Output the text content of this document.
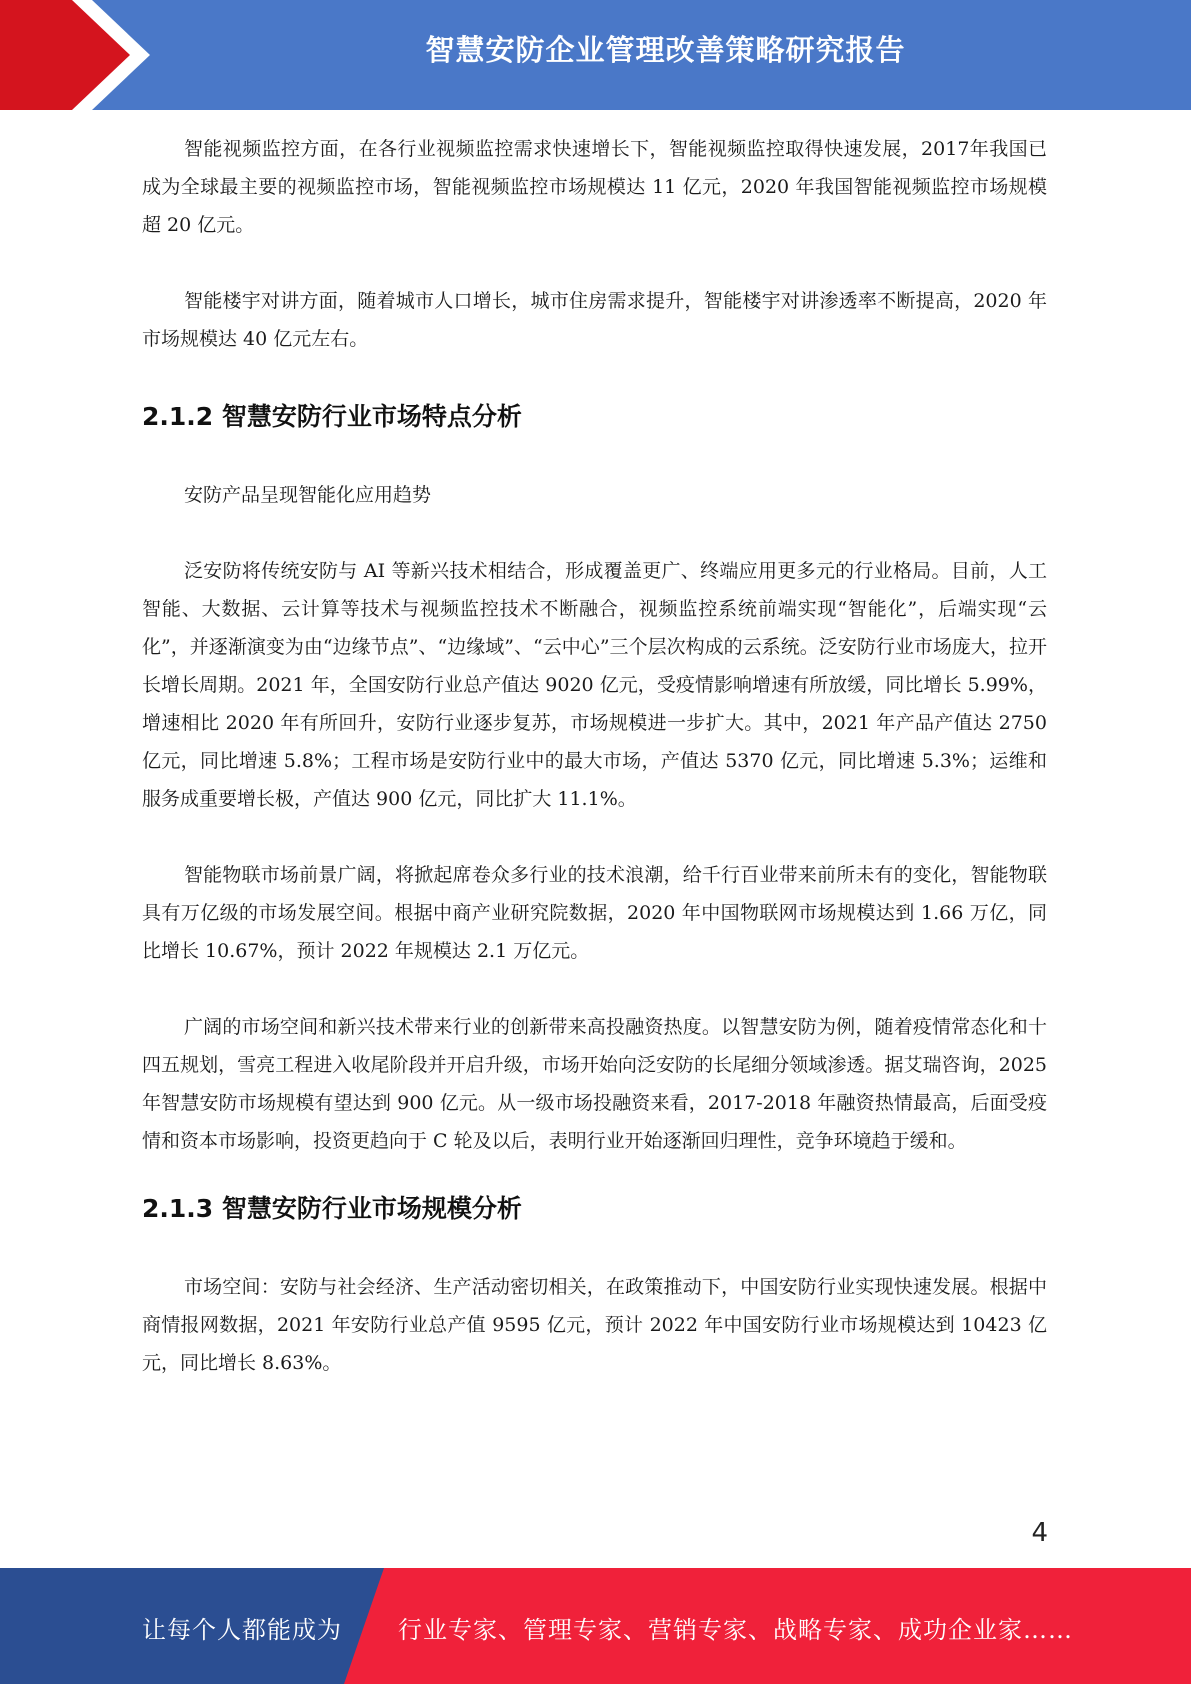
智慧安防企业管理改善策略研究报告

智能视频监控方面，在各行业视频监控需求快速增长下，智能视频监控取得快速发展，2017年我国已成为全球最主要的视频监控市场，智能视频监控市场规模达 11 亿元，2020 年我国智能视频监控市场规模超 20 亿元。

智能楼宇对讲方面，随着城市人口增长，城市住房需求提升，智能楼宇对讲渗透率不断提高，2020 年市场规模达 40 亿元左右。

2.1.2 智慧安防行业市场特点分析

安防产品呈现智能化应用趋势

泛安防将传统安防与 AI 等新兴技术相结合，形成覆盖更广、终端应用更多元的行业格局。目前，人工智能、大数据、云计算等技术与视频监控技术不断融合，视频监控系统前端实现“智能化”，后端实现“云化”，并逐渐演变为由“边缘节点”、“边缘域”、“云中心”三个层次构成的云系统。泛安防行业市场庞大，拉开长增长周期。2021 年，全国安防行业总产值达 9020 亿元，受疫情影响增速有所放缓，同比增长 5.99%，增速相比 2020 年有所回升，安防行业逐步复苏，市场规模进一步扩大。其中，2021 年产品产值达 2750 亿元，同比增速 5.8%；工程市场是安防行业中的最大市场，产值达 5370 亿元，同比增速 5.3%；运维和服务成重要增长极，产值达 900 亿元，同比扩大 11.1%。

智能物联市场前景广阔，将掀起席卷众多行业的技术浪潮，给千行百业带来前所未有的变化，智能物联具有万亿级的市场发展空间。根据中商产业研究院数据，2020 年中国物联网市场规模达到 1.66 万亿，同比增长 10.67%，预计 2022 年规模达 2.1 万亿元。

广阔的市场空间和新兴技术带来行业的创新带来高投融资热度。以智慧安防为例，随着疫情常态化和十四五规划，雪亮工程进入收尾阶段并开启升级，市场开始向泛安防的长尾细分领域渗透。据艾瑞咨询，2025 年智慧安防市场规模有望达到 900 亿元。从一级市场投融资来看，2017-2018 年融资热情最高，后面受疫情和资本市场影响，投资更趋向于 C 轮及以后，表明行业开始逐渐回归理性，竞争环境趋于缓和。

2.1.3 智慧安防行业市场规模分析

市场空间：安防与社会经济、生产活动密切相关，在政策推动下，中国安防行业实现快速发展。根据中商情报网数据，2021 年安防行业总产值 9595 亿元，预计 2022 年中国安防行业市场规模达到 10423 亿元，同比增长 8.63%。

4
让每个人都能成为 行业专家、管理专家、营销专家、战略专家、成功企业家……
